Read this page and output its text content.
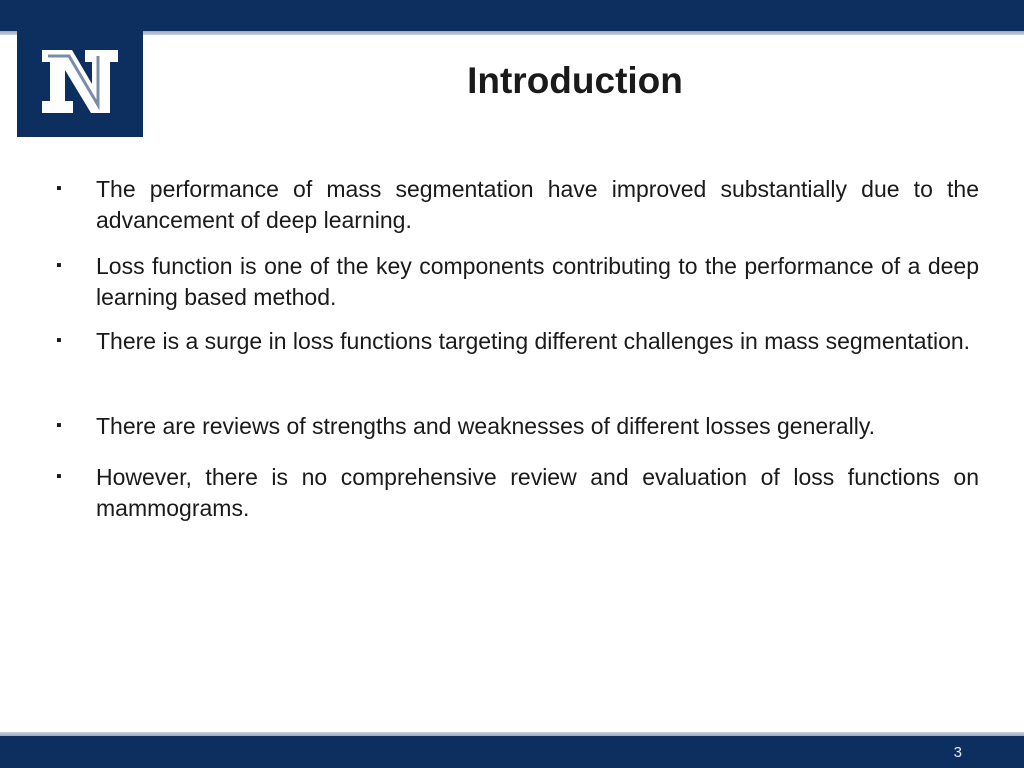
N
Introduction
▪ The performance of mass segmentation have improved substantially due to the advancement of deep learning.

▪ Loss function is one of the key components contributing to the performance of a deep learning based method.

▪ There is a surge in loss functions targeting different challenges in mass segmentation.

▪ There are reviews of strengths and weaknesses of different losses generally.

▪ However, there is no comprehensive review and evaluation of loss functions on mammograms.

3
